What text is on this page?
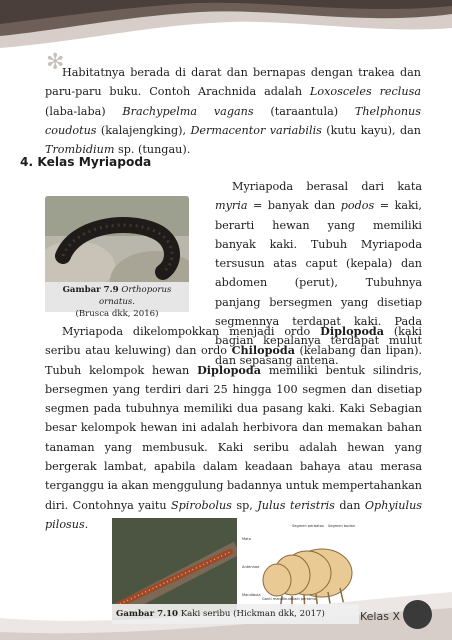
✻

Habitatnya berada di darat dan bernapas dengan trakea dan paru-paru buku. Contoh Arachnida adalah Loxosceles reclusa (laba-laba) Brachypelma vagans (taraantula) Thelphonus coudotus (kalajengking), Dermacentor variabilis (kutu kayu), dan Trombidium sp. (tungau).

4. Kelas Myriapoda
Gambar 7.9 Orthoporus ornatus.
(Brusca dkk, 2016)

Myriapoda berasal dari kata myria = banyak dan podos = kaki, berarti hewan yang memiliki banyak kaki. Tubuh Myriapoda tersusun atas caput (kepala) dan abdomen (perut), Tubuhnya panjang bersegmen yang disetiap segmennya terdapat kaki. Pada bagian kepalanya terdapat mulut dan sepasang antena.

Myriapoda dikelompokkan menjadi ordo Diplopoda (kaki seribu atau keluwing) dan ordo Chilopoda (kelabang dan lipan). Tubuh kelompok hewan Diplopoda memiliki bentuk silindris, bersegmen yang terdiri dari 25 hingga 100 segmen dan disetiap segmen pada tubuhnya memiliki dua pasang kaki. Kaki Sebagian besar kelompok hewan ini adalah herbivora dan memakan bahan tanaman yang membusuk. Kaki seribu adalah hewan yang bergerak lambat, apabila dalam keadaan bahaya atau merasa terganggu ia akan menggulung badannya untuk mempertahankan diri. Contohnya yaitu Spirobolus sp, Julus teristris dan Ophyiulus pilosus.	Segmen perbatas Segmen bodan
Mata
Antennae
Mandibula
Ganti mandibula Kaki pertama
Gambar 7.10 Kaki seribu (Hickman dkk, 2017)	Kelas X
